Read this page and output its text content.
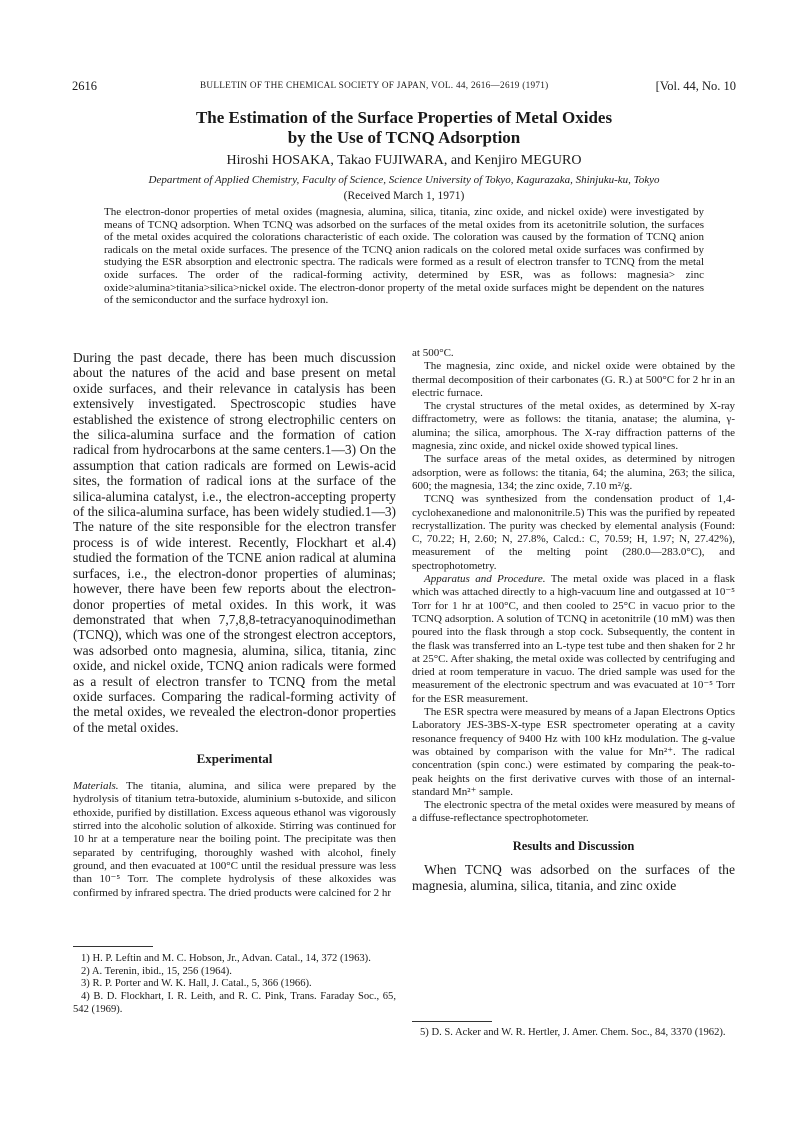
2616	BULLETIN OF THE CHEMICAL SOCIETY OF JAPAN, VOL. 44, 2616—2619 (1971)	[Vol. 44, No. 10
The Estimation of the Surface Properties of Metal Oxides
by the Use of TCNQ Adsorption
Hiroshi HOSAKA, Takao FUJIWARA, and Kenjiro MEGURO
Department of Applied Chemistry, Faculty of Science, Science University of Tokyo, Kagurazaka, Shinjuku-ku, Tokyo
(Received March 1, 1971)
The electron-donor properties of metal oxides (magnesia, alumina, silica, titania, zinc oxide, and nickel oxide) were investigated by means of TCNQ adsorption. When TCNQ was adsorbed on the surfaces of the metal oxides from its acetonitrile solution, the surfaces of the metal oxides acquired the colorations characteristic of each oxide. The coloration was caused by the formation of TCNQ anion radicals on the metal oxide surfaces. The presence of the TCNQ anion radicals on the colored metal oxide surfaces was confirmed by studying the ESR absorption and electronic spectra. The radicals were formed as a result of electron transfer to TCNQ from the metal oxide surfaces. The order of the radical-forming activity, determined by ESR, was as follows: magnesia> zinc oxide>alumina>titania>silica>nickel oxide. The electron-donor property of the metal oxide surfaces might be dependent on the natures of the semiconductor and the surface hydroxyl ion.

During the past decade, there has been much discussion about the natures of the acid and base present on metal oxide surfaces, and their relevance in catalysis has been extensively investigated. Spectroscopic studies have established the existence of strong electrophilic centers on the silica-alumina surface and the formation of cation radical from hydrocarbons at the same centers.1—3) On the assumption that cation radicals are formed on Lewis-acid sites, the formation of radical ions at the surface of the silica-alumina catalyst, i.e., the electron-accepting property of the silica-alumina surface, has been widely studied.1—3) The nature of the site responsible for the electron transfer process is of wide interest. Recently, Flockhart et al.4) studied the formation of the TCNE anion radical at alumina surfaces, i.e., the electron-donor properties of aluminas; however, there have been few reports about the electron-donor properties of metal oxides. In this work, it was demonstrated that when 7,7,8,8-tetracyanoquinodimethan (TCNQ), which was one of the strongest electron acceptors, was adsorbed onto magnesia, alumina, silica, titania, zinc oxide, and nickel oxide, TCNQ anion radicals were formed as a result of electron transfer to TCNQ from the metal oxide surfaces. Comparing the radical-forming activity of the metal oxides, we revealed the electron-donor properties of the metal oxides.

Experimental

Materials. The titania, alumina, and silica were prepared by the hydrolysis of titanium tetra-butoxide, aluminium s-butoxide, and silicon ethoxide, purified by distillation. Excess aqueous ethanol was vigorously stirred into the alcoholic solution of alkoxide. Stirring was continued for 10 hr at a temperature near the boiling point. The precipitate was then separated by centrifuging, thoroughly washed with alcohol, finely ground, and then evacuated at 100°C until the residual pressure was less than 10⁻⁵ Torr. The complete hydrolysis of these alkoxides was confirmed by infrared spectra. The dried products were calcined for 2 hr

1) H. P. Leftin and M. C. Hobson, Jr., Advan. Catal., 14, 372 (1963).
2) A. Terenin, ibid., 15, 256 (1964).
3) R. P. Porter and W. K. Hall, J. Catal., 5, 366 (1966).
4) B. D. Flockhart, I. R. Leith, and R. C. Pink, Trans. Faraday Soc., 65, 542 (1969).

at 500°C.

The magnesia, zinc oxide, and nickel oxide were obtained by the thermal decomposition of their carbonates (G. R.) at 500°C for 2 hr in an electric furnace.

The crystal structures of the metal oxides, as determined by X-ray diffractometry, were as follows: the titania, anatase; the alumina, γ-alumina; the silica, amorphous. The X-ray diffraction patterns of the magnesia, zinc oxide, and nickel oxide showed typical lines.

The surface areas of the metal oxides, as determined by nitrogen adsorption, were as follows: the titania, 64; the alumina, 263; the silica, 600; the magnesia, 134; the zinc oxide, 7.10 m²/g.

TCNQ was synthesized from the condensation product of 1,4-cyclohexanedione and malononitrile.5) This was the purified by repeated recrystallization. The purity was checked by elemental analysis (Found: C, 70.22; H, 2.60; N, 27.8%, Calcd.: C, 70.59; H, 1.97; N, 27.42%), measurement of the melting point (280.0—283.0°C), and spectrophotometry.

Apparatus and Procedure. The metal oxide was placed in a flask which was attached directly to a high-vacuum line and outgassed at 10⁻⁵ Torr for 1 hr at 100°C, and then cooled to 25°C in vacuo prior to the TCNQ adsorption. A solution of TCNQ in acetonitrile (10 mM) was then poured into the flask through a stop cock. Subsequently, the content in the flask was transferred into an L-type test tube and then shaken for 2 hr at 25°C. After shaking, the metal oxide was collected by centrifuging and dried at room temperature in vacuo. The dried sample was used for the measurement of the electronic spectrum and was evacuated at 10⁻⁵ Torr for the ESR measurement.

The ESR spectra were measured by means of a Japan Electrons Optics Laboratory JES-3BS-X-type ESR spectrometer operating at a cavity resonance frequency of 9400 Hz with 100 kHz modulation. The g-value was obtained by comparison with the value for Mn²⁺. The radical concentration (spin conc.) were estimated by comparing the peak-to-peak heights on the first derivative curves with those of an internal-standard Mn²⁺ sample.

The electronic spectra of the metal oxides were measured by means of a diffuse-reflectance spectrophotometer.

Results and Discussion

When TCNQ was adsorbed on the surfaces of the magnesia, alumina, silica, titania, and zinc oxide

5) D. S. Acker and W. R. Hertler, J. Amer. Chem. Soc., 84, 3370 (1962).
